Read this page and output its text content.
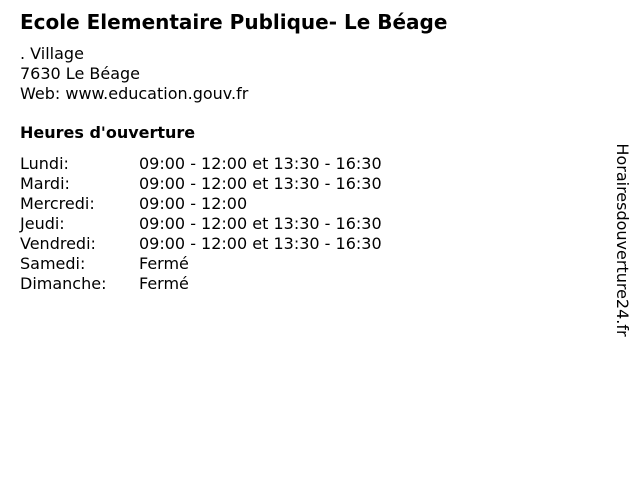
Ecole Elementaire Publique- Le Béage
. Village
7630 Le Béage
Web: www.education.gouv.fr
Heures d'ouverture
Lundi:	09:00 - 12:00 et 13:30 - 16:30
Mardi:	09:00 - 12:00 et 13:30 - 16:30
Mercredi:	09:00 - 12:00
Jeudi:	09:00 - 12:00 et 13:30 - 16:30
Vendredi:	09:00 - 12:00 et 13:30 - 16:30
Samedi:	Fermé
Dimanche: Fermé	Horairesdouverture24.fr
